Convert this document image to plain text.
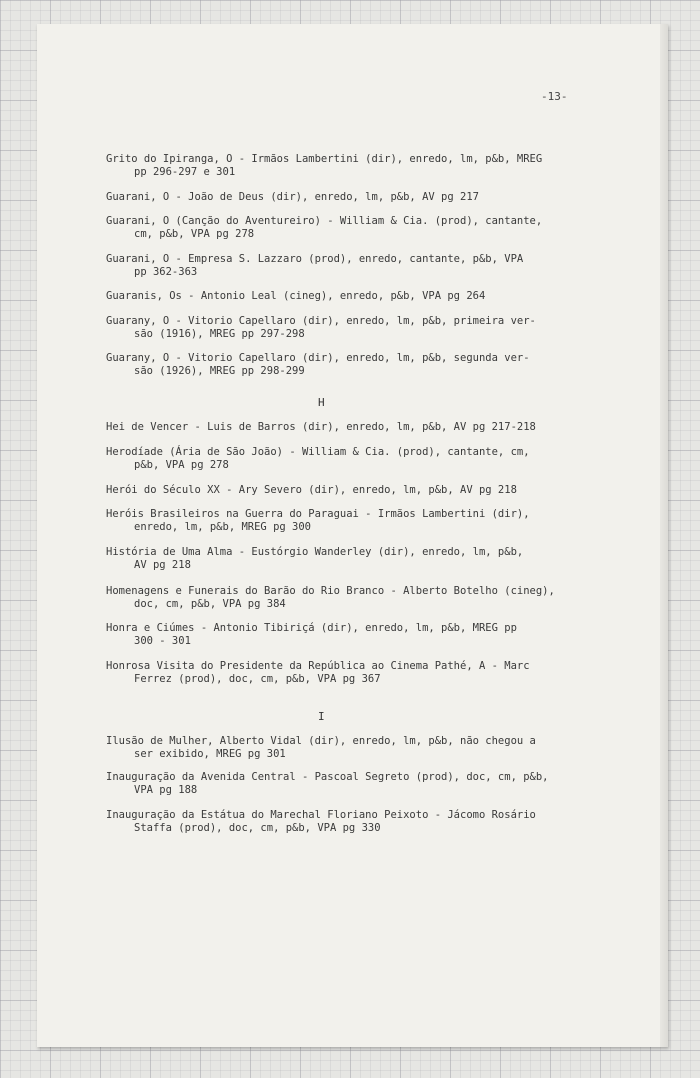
-13-
Grito do Ipiranga, O - Irmãos Lambertini (dir), enredo, lm, p&b, MREG
pp 296-297 e 301
Guarani, O - João de Deus (dir), enredo, lm, p&b, AV pg 217
Guarani, O (Canção do Aventureiro) - William & Cia. (prod), cantante,
cm, p&b, VPA pg 278
Guarani, O - Empresa S. Lazzaro (prod), enredo, cantante, p&b, VPA
pp 362-363
Guaranis, Os - Antonio Leal (cineg), enredo, p&b, VPA pg 264
Guarany, O - Vitorio Capellaro (dir), enredo, lm, p&b, primeira ver-
são (1916), MREG pp 297-298
Guarany, O - Vitorio Capellaro (dir), enredo, lm, p&b, segunda ver-
são (1926), MREG pp 298-299
H
Hei de Vencer - Luis de Barros (dir), enredo, lm, p&b, AV pg 217-218
Herodíade (Ária de São João) - William & Cia. (prod), cantante, cm,
p&b, VPA pg 278
Herói do Século XX - Ary Severo (dir), enredo, lm, p&b, AV pg 218
Heróis Brasileiros na Guerra do Paraguai - Irmãos Lambertini (dir),
enredo, lm, p&b, MREG pg 300
História de Uma Alma - Eustórgio Wanderley (dir), enredo, lm, p&b,
AV pg 218
Homenagens e Funerais do Barão do Rio Branco - Alberto Botelho (cineg),
doc, cm, p&b, VPA pg 384
Honra e Ciúmes - Antonio Tibiriçá (dir), enredo, lm, p&b, MREG pp
300 - 301
Honrosa Visita do Presidente da República ao Cinema Pathé, A - Marc
Ferrez (prod), doc, cm, p&b, VPA pg 367
I
Ilusão de Mulher, Alberto Vidal (dir), enredo, lm, p&b, não chegou a
ser exibido, MREG pg 301
Inauguração da Avenida Central - Pascoal Segreto (prod), doc, cm, p&b,
VPA pg 188
Inauguração da Estátua do Marechal Floriano Peixoto - Jácomo Rosário
Staffa (prod), doc, cm, p&b, VPA pg 330
